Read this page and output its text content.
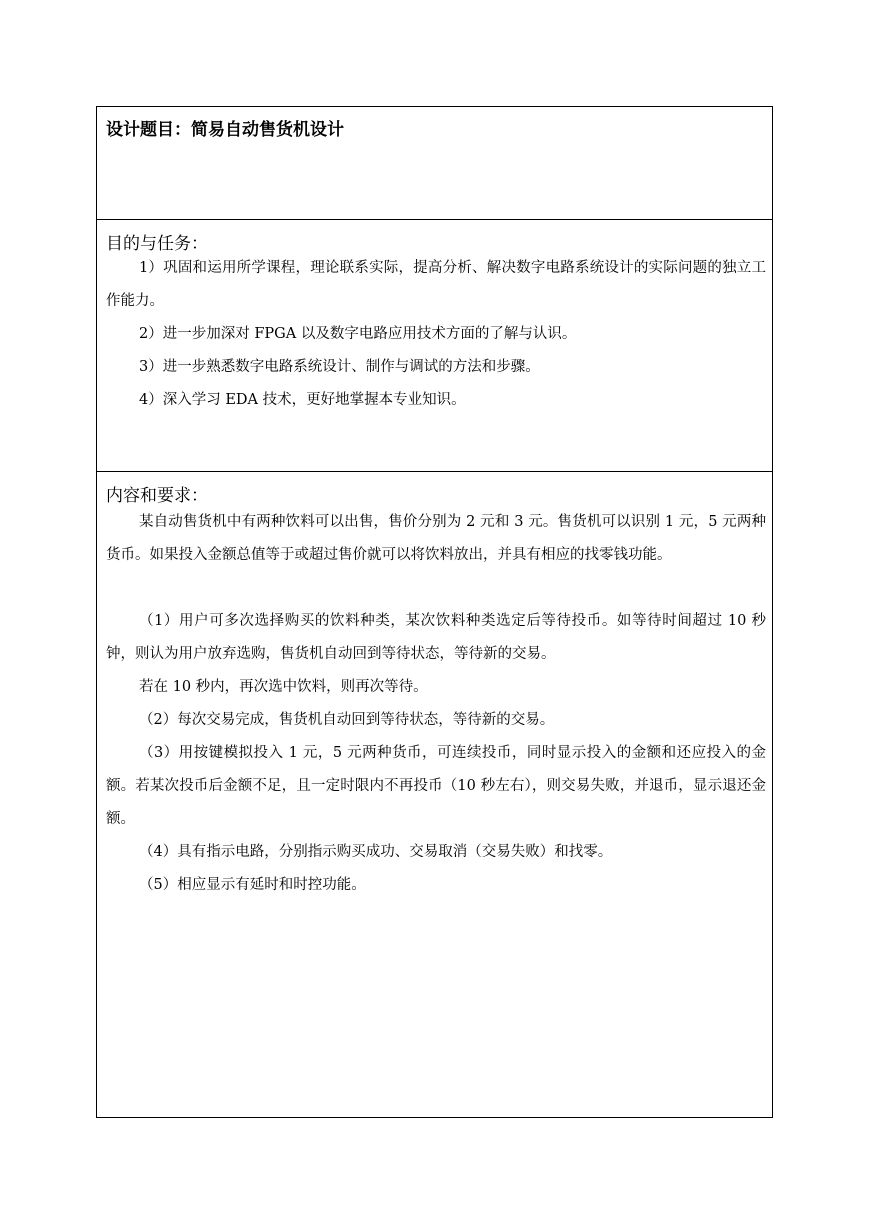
设计题目：简易自动售货机设计
目的与任务：

1）巩固和运用所学课程，理论联系实际，提高分析、解决数字电路系统设计的实际问题的独立工作能力。

2）进一步加深对 FPGA 以及数字电路应用技术方面的了解与认识。

3）进一步熟悉数字电路系统设计、制作与调试的方法和步骤。

4）深入学习 EDA 技术，更好地掌握本专业知识。

内容和要求：

某自动售货机中有两种饮料可以出售，售价分别为 2 元和 3 元。售货机可以识别 1 元，5 元两种货币。如果投入金额总值等于或超过售价就可以将饮料放出，并具有相应的找零钱功能。

（1）用户可多次选择购买的饮料种类，某次饮料种类选定后等待投币。如等待时间超过 10 秒钟，则认为用户放弃选购，售货机自动回到等待状态，等待新的交易。

若在 10 秒内，再次选中饮料，则再次等待。

（2）每次交易完成，售货机自动回到等待状态，等待新的交易。

（3）用按键模拟投入 1 元，5 元两种货币，可连续投币，同时显示投入的金额和还应投入的金额。若某次投币后金额不足，且一定时限内不再投币（10 秒左右），则交易失败，并退币，显示退还金额。

（4）具有指示电路，分别指示购买成功、交易取消（交易失败）和找零。

（5）相应显示有延时和时控功能。
